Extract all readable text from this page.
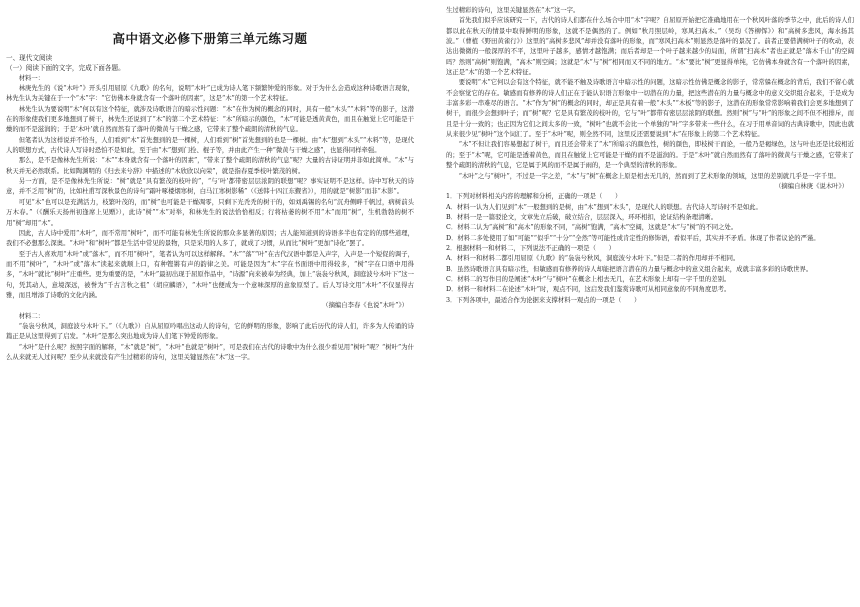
高中语文必修下册第三单元练习题
一、现代文阅读
（一）阅读下面的文字，完成下面各题。

材料一：

林庚先生的《说“木叶”》开头引用屈原《九歌》的名句，说明“木叶”已成为诗人笔下频繁钟爱的形象。对于为什么会造成这种诗歌语言现象，林先生认为关键在于一个“木”字：“它仿佛本身就含有一个落叶的因素”，这是“木”的第一个艺术特征。

林先生认为要说明“木”何以有这个特征，就涉及诗歌语言的暗示性问题：“木”在作为树的概念的同时，具有一般“木头”“木料”等的影子，这潜在的形象使我们更多地想到了树干，林先生还说到了“木”的第二个艺术特征：“木”所暗示的颜色，“木”可能是透黄黄色，而且在触觉上它可能是干燥的而不是滋润的；于是‘木叶’就自然而然有了落叶的微黄与干燥之感，它带来了整个疏朗的清秋的气息。

但笔者认为这样说并不恰当，人们看到“木”首先想到的是一棵树，人们看到“树”首先想到的也是一棵树。由“木”想到“木头”“木料”等，是现代人的联想方式，古代诗人写诗时恐怕不是如此，至于由“木”想到门拴、棍子等，并由此产生一种“微黄与干燥之感”，也显得同样牵强。

那么，是不是像林先生所说：“木”“本身就含有一个落叶的因素”，“带来了整个疏朗的清秋的气息”呢？大量的古诗证明并非如此简单。“木”与秋天并无必然联系。比如陶渊明的《归去来兮辞》中描述的“木欣欣以向荣”，就是指春夏季枝叶繁茂的树。

另一方面，是不是像林先生所说：“树”就是“具有繁茂的枝叶的”，“与‘叶’都带密层层浓阴的联想”呢？事实证明不是这样。诗中写秋天的诗意，并不乏用“树”的，比如杜甫写深秋景色的诗句“霜叶啄楼烟寒树，白马江寒树影稀”（《送韩十四江东觐省》），用的就是“树影”而非“木影”。

可见“木”也可以是充满活力，枝繁叶茂的，而“树”也可能是干燥凋零，只剩下光秃秃的树干的，如刘禹锡的名句“沉舟侧畔千帆过，病树前头万木春。”（《酬乐天扬州初逢席上见赠》），此诗“树”“木”对举，和林先生的说法恰恰相反；行将枯萎的树不用“木”而用“树”，生机勃勃的树不用“树”却用“木”。

因此，古人诗中爱用“木叶”，而不常用“树叶”，而不可能有林先生所说的那众多显著的原因；古人能知道到的诗语多半也有定的的那些道理，我们不必想那么深奥。“木叶”和“树叶”都是生活中常见的景物，只是采用的人多了，就成了习惯，从而比“树叶”更加“诗化”罢了。

至于古人喜欢用“木叶”或“落木”，而不用“树叶”，笔者认为可以这样解释。“木”“落”“叶”在古代汉语中都是入声字，入声是一个短促的调子，而不用“树叶”，“木叶”或“落木”读起来就顺上口，有种铿锵有声的韵律之美。可能是因为“木”字在书面语中用得较多，“树”字在口语中用得多，“木叶”就比“树叶”庄重些。更为重要的是，“木叶”最初出现于屈原作品中，“诗源”向来被奉为经典，加上“袅袅兮秋风，洞庭波兮木叶下”这一句，凭其动人，意境深远，被誉为“千古言秋之祖”（胡应麟语），“木叶”也便成为一个意味深厚的意象原型了。后人写诗文用“木叶”不仅显得古雅，而且增添了诗歌的文化内涵。

（摘编自李春《也说“木叶”》）

材料二：

“袅袅兮秋风，洞庭波兮木叶下。”（《九歌》）自从屈原吟唱出这动人的诗句，它的鲜明的形象，影响了此后历代的诗人们，许多为人传诵的诗篇正是从这里得到了启发。“木叶”是那么突出地成为诗人们笔下钟爱的形象。

“木叶”是什么呢？按照字面的解释，“木”就是“树”，“木叶”也就是“树叶”，可是我们在古代的诗歌中为什么很少看见用“树叶”呢？“树叶”为什么从来就无人过问呢？至少从来就没有产生过精彩的诗句，这里关键显然在“木”这一字。

生过精彩的诗句，这里关键显然在“木”这一字。

首先我们似乎应该研究一下，古代的诗人们都在什么场合中用“木”字呢？自屈原开始把它准确地用在一个秋风叶落的季节之中，此后的诗人们都以此在秋天的情景中取得鲜明的形象，这就不是偶然的了。例如“秋月照层岭，寒风扫高木。”（吴均《答柳恽》）和“高树多悲风，海水扬其波。”（曹植《野田黄雀行》）这里的“高树多悲风”却并没有落叶的形象，而“寒风扫高木”则显然是落叶的景况了。前者正要借满树叶子的吹动，表达出微微的一般深厚的不平，这里叶子越多，感情才越饱满；而后者却是一个叶子越来越少的局面，所谓“扫高木”者也正就是“落木千山”的空阔吗？然则“高树”则饱满，“高木”则空阔；这就是“木”与“树”相同而又不同的地方。“木”要比“树”更显得单纯，它仿佛本身就含有一个落叶的因素，这正是“木”的第一个艺术特征。

要说明“木”它何以会有这个特征，就不能不触及诗歌语言中暗示性的问题，这暗示性仿佛是概念的影子，常常躲在概念的背后，我们不留心就不会察觉它的存在。敏感而有修养的诗人们正在于能认识语言形象中一切潜在的力量，把这些潜在的力量与概念中的意义交织组合起来，于是成为丰富多彩一串难尽的语言。“木”作为“树”的概念的同时，却正是具有着一般“木头”“木板”等的影子，这潜在的形象常常影响着我们会更多地想到了树干，而很少会想到叶子；而“树”呢？它是具有繁茂的枝叶的，它与“叶”都带有密层层浓阴的联想。然则“树”与“叶”的形象之间不但不相排斥，而且是十分一致的；也正因为它们之间太多的一致，“树叶”也就不会比一个单独的“叶”字多带来一些什么，在习于用单音词的古典诗歌中，因此也就从来很少见“树叶”这个词汇了。至于“木叶”呢，则全然不同，这里反还需要说到“木”在形象上的第二个艺术特征。

“木”不但让我们容易想起了树干，而且还会带来了“木”所暗示的颜色性，树的颜色，即枝树干而论，一般乃是褐绿色，这与叶也还是比较相近的；至于“木”呢，它可能是透着黄色，而且在触觉上它可能是干燥的而不是滋润的。于是“木叶”就自然而然有了落叶的微黄与干燥之感，它带来了整个疏朗的清秋的气息，它是属于风的而不是属于雨的，是一个典型的清秋的形象。

“木叶”之与“树叶”，不过是一字之差，“木”与“树”在概念上原是相去无几的，然而到了艺术形象的领域，这里的差别就几乎是一字千里。

（摘编自林庚《说木叶》）

1．下列对材料相关内容的理解和分析，正确的一项是（　　）

A．材料一认为人们见到“木”一般想到的是树，由“木”想到“木头”，是现代人的联想。古代诗人写诗时不是如此。

B．材料一是一篇驳论文，文章先立后破，破立结合，层层深入，环环相扣，论证结构条理清晰。

C．材料二认为“高树”和“高木”的形象不同，“高树”饱满，“高木”空阔，这就是“木”与“树”的不同之处。

D．材料二多处使用了如“可能”“似乎”“十分”“全然”等可能性或肯定性的修饰语，看似平后，其实并不矛盾。体现了作者议论的严谨。

2．根据材料一和材料二，下列说法不正确的一项是（　　）

A．材料一和材料二都引用屈原《九歌》的“袅袅兮秋风，洞庭波兮木叶下。”但是二者的作用却并不相同。

B．虽然诗歌语言具有暗示性，但敏感而有修养的诗人却能把语言潜在的力量与概念中的意义组合起来，成就丰富多彩的诗歌世界。

C．材料二的写作目的是阐述“木叶”与“树叶”在概念上相去无几，在艺术形象上却有一字千里的差别。

D．材料一和材料二在论述“木叶”时，观点不同，这启发我们鉴赏诗歌可从相同意象的不同角度思考。

3．下列各项中，最适合作为论据来支撑材料一观点的一项是（　　）
